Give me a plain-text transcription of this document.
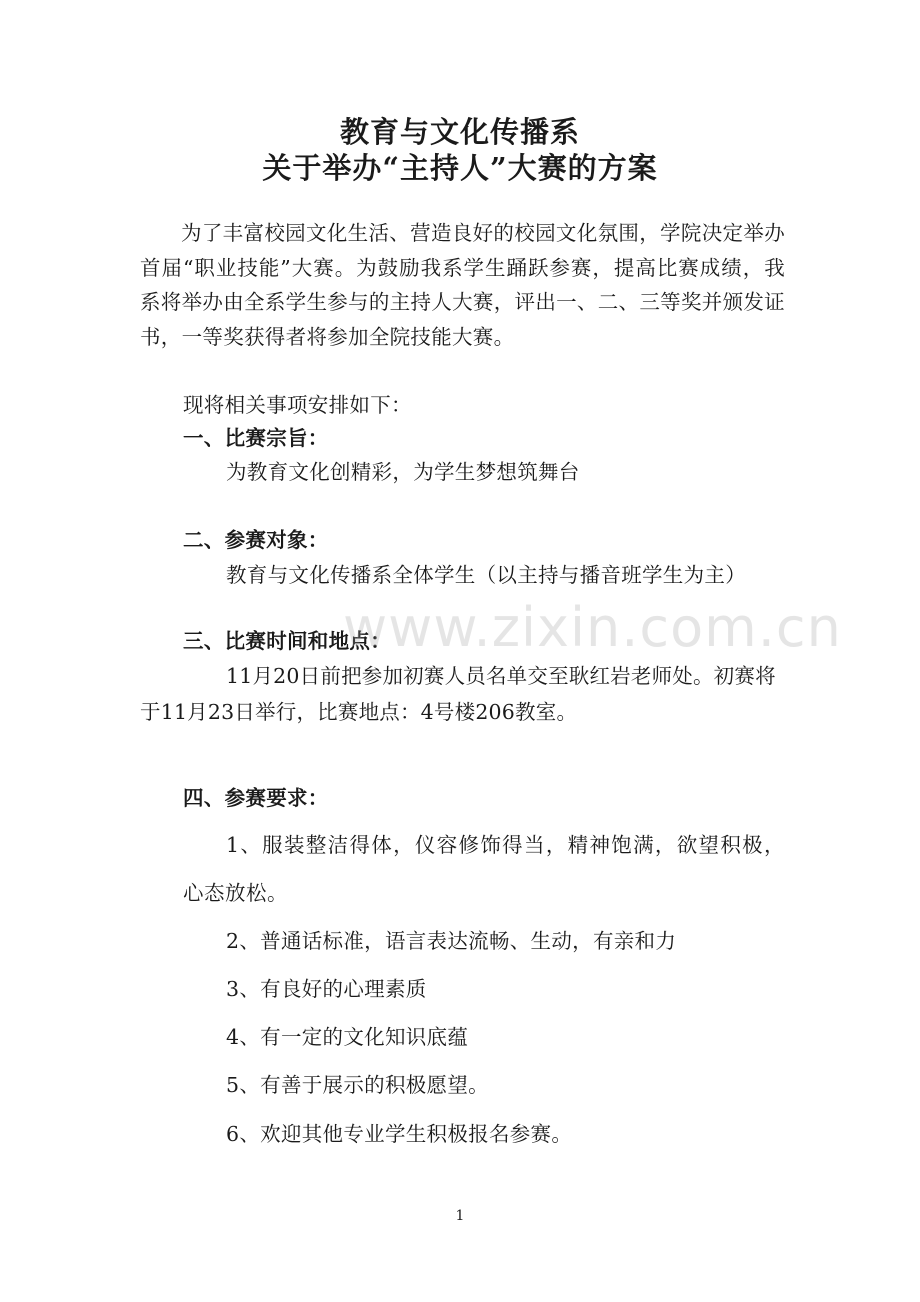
教育与文化传播系
关于举办“主持人”大赛的方案
为了丰富校园文化生活、营造良好的校园文化氛围，学院决定举办首届“职业技能”大赛。为鼓励我系学生踊跃参赛，提高比赛成绩，我系将举办由全系学生参与的主持人大赛，评出一、二、三等奖并颁发证书，一等奖获得者将参加全院技能大赛。
现将相关事项安排如下：
一、比赛宗旨：
为教育文化创精彩，为学生梦想筑舞台
二、参赛对象：
教育与文化传播系全体学生（以主持与播音班学生为主）
三、比赛时间和地点：
11月20日前把参加初赛人员名单交至耿红岩老师处。初赛将于11月23日举行，比赛地点：4号楼206教室。
四、参赛要求：
1、服装整洁得体，仪容修饰得当，精神饱满，欲望积极，心态放松。
2、普通话标准，语言表达流畅、生动，有亲和力
3、有良好的心理素质
4、有一定的文化知识底蕴
5、有善于展示的积极愿望。
6、欢迎其他专业学生积极报名参赛。
www.zixin.com.cn
1
